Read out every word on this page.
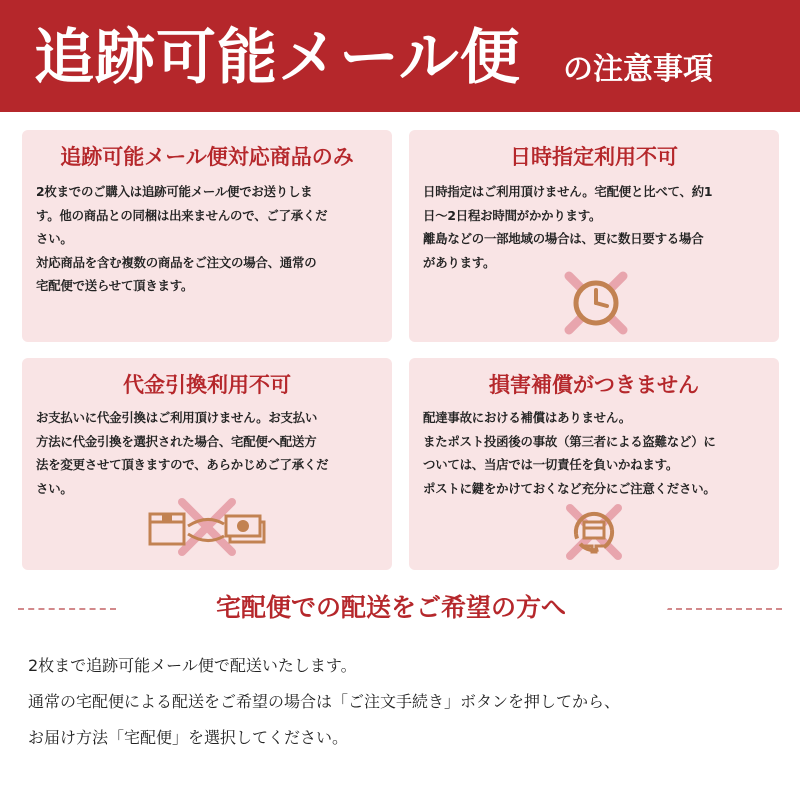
追跡可能メール便 の注意事項
追跡可能メール便対応商品のみ

2枚までのご購入は追跡可能メール便でお送りしま

す。他の商品との同梱は出来ませんので、ご了承くだ

さい。

対応商品を含む複数の商品をご注文の場合、通常の

宅配便で送らせて頂きます。

日時指定利用不可

日時指定はご利用頂けません。宅配便と比べて、約1

日～2日程お時間がかかります。

離島などの一部地域の場合は、更に数日要する場合

があります。

代金引換利用不可

お支払いに代金引換はご利用頂けません。お支払い

方法に代金引換を選択された場合、宅配便へ配送方

法を変更させて頂きますので、あらかじめご了承くだ

さい。

損害補償がつきません

配達事故における補償はありません。

またポスト投函後の事故（第三者による盗難など）に

ついては、当店では一切責任を負いかねます。

ポストに鍵をかけておくなど充分にご注意ください。

宅配便での配送をご希望の方へ

2枚まで追跡可能メール便で配送いたします。

通常の宅配便による配送をご希望の場合は「ご注文手続き」ボタンを押してから、

お届け方法「宅配便」を選択してください。
